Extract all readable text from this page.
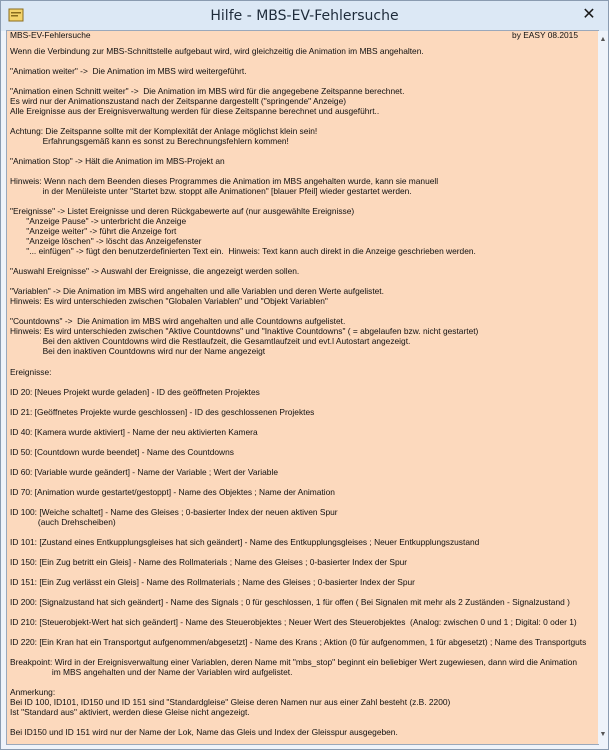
Hilfe - MBS-EV-Fehlersuche	✕
MBS-EV-Fehlersuche	by EASY 08.2015
Wenn die Verbindung zur MBS-Schnittstelle aufgebaut wird, wird gleichzeitig die Animation im MBS angehalten.
"Animation weiter" ->  Die Animation im MBS wird weitergeführt.
"Animation einen Schnitt weiter" ->  Die Animation im MBS wird für die angegebene Zeitspanne berechnet.
Es wird nur der Animationszustand nach der Zeitspanne dargestellt ("springende" Anzeige)
Alle Ereignisse aus der Ereignisverwaltung werden für diese Zeitspanne berechnet und ausgeführt..
Achtung: Die Zeitspanne sollte mit der Komplexität der Anlage möglichst klein sein!
Erfahrungsgemäß kann es sonst zu Berechnungsfehlern kommen!
"Animation Stop" -> Hält die Animation im MBS-Projekt an
Hinweis: Wenn nach dem Beenden dieses Programmes die Animation im MBS angehalten wurde, kann sie manuell
in der Menüleiste unter "Startet bzw. stoppt alle Animationen" [blauer Pfeil] wieder gestartet werden.
"Ereignisse" -> Listet Ereignisse und deren Rückgabewerte auf (nur ausgewählte Ereignisse)
"Anzeige Pause" -> unterbricht die Anzeige
"Anzeige weiter" -> führt die Anzeige fort
"Anzeige löschen" -> löscht das Anzeigefenster
"... einfügen" -> fügt den benutzerdefinierten Text ein.  Hinweis: Text kann auch direkt in die Anzeige geschrieben werden.
"Auswahl Ereignisse" -> Auswahl der Ereignisse, die angezeigt werden sollen.
"Variablen" -> Die Animation im MBS wird angehalten und alle Variablen und deren Werte aufgelistet.
Hinweis: Es wird unterschieden zwischen "Globalen Variablen" und "Objekt Variablen"
"Countdowns" ->  Die Animation im MBS wird angehalten und alle Countdowns aufgelistet.
Hinweis: Es wird unterschieden zwischen "Aktive Countdowns" und "Inaktive Countdowns" ( = abgelaufen bzw. nicht gestartet)
Bei den aktiven Countdowns wird die Restlaufzeit, die Gesamtlaufzeit und evt.l Autostart angezeigt.
Bei den inaktiven Countdowns wird nur der Name angezeigt
Ereignisse:
ID 20: [Neues Projekt wurde geladen] - ID des geöffneten Projektes
ID 21: [Geöffnetes Projekte wurde geschlossen] - ID des geschlossenen Projektes
ID 40: [Kamera wurde aktiviert] - Name der neu aktivierten Kamera
ID 50: [Countdown wurde beendet] - Name des Countdowns
ID 60: [Variable wurde geändert] - Name der Variable ; Wert der Variable
ID 70: [Animation wurde gestartet/gestoppt] - Name des Objektes ; Name der Animation
ID 100: [Weiche schaltet] - Name des Gleises ; 0-basierter Index der neuen aktiven Spur
(auch Drehscheiben)
ID 101: [Zustand eines Entkupplungsgleises hat sich geändert] - Name des Entkupplungsgleises ; Neuer Entkupplungszustand
ID 150: [Ein Zug betritt ein Gleis] - Name des Rollmaterials ; Name des Gleises ; 0-basierter Index der Spur
ID 151: [Ein Zug verlässt ein Gleis] - Name des Rollmaterials ; Name des Gleises ; 0-basierter Index der Spur
ID 200: [Signalzustand hat sich geändert] - Name des Signals ; 0 für geschlossen, 1 für offen ( Bei Signalen mit mehr als 2 Zuständen - Signalzustand )
ID 210: [Steuerobjekt-Wert hat sich geändert] - Name des Steuerobjektes ; Neuer Wert des Steuerobjektes  (Analog: zwischen 0 und 1 ; Digital: 0 oder 1)
ID 220: [Ein Kran hat ein Transportgut aufgenommen/abgesetzt] - Name des Krans ; Aktion (0 für aufgenommen, 1 für abgesetzt) ; Name des Transportguts
Breakpoint: Wird in der Ereignisverwaltung einer Variablen, deren Name mit "mbs_stop" beginnt ein beliebiger Wert zugewiesen, dann wird die Animation
im MBS angehalten und der Name der Variablen wird aufgelistet.
Anmerkung:
Bei ID 100, ID101, ID150 und ID 151 sind "Standardgleise" Gleise deren Namen nur aus einer Zahl besteht (z.B. 2200)
Ist "Standard aus" aktiviert, werden diese Gleise nicht angezeigt.
Bei ID150 und ID 151 wird nur der Name der Lok, Name das Gleis und Index der Gleisspur ausgegeben.
▲
▼
